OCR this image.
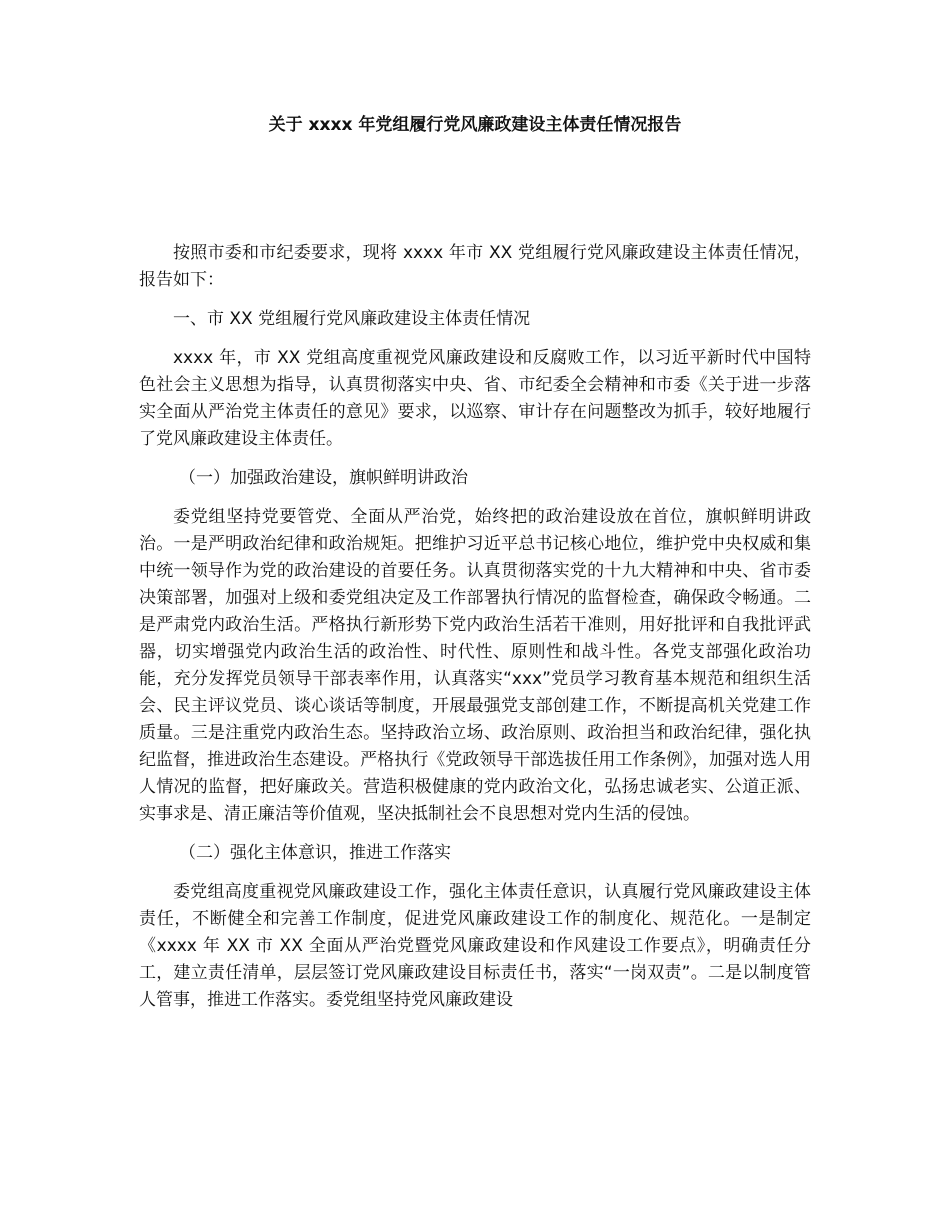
关于 xxxx 年党组履行党风廉政建设主体责任情况报告

按照市委和市纪委要求，现将 xxxx 年市 XX 党组履行党风廉政建设主体责任情况，报告如下：

一、市 XX 党组履行党风廉政建设主体责任情况

xxxx 年，市 XX 党组高度重视党风廉政建设和反腐败工作，以习近平新时代中国特色社会主义思想为指导，认真贯彻落实中央、省、市纪委全会精神和市委《关于进一步落实全面从严治党主体责任的意见》要求，以巡察、审计存在问题整改为抓手，较好地履行了党风廉政建设主体责任。

（一）加强政治建设，旗帜鲜明讲政治

委党组坚持党要管党、全面从严治党，始终把的政治建设放在首位，旗帜鲜明讲政治。一是严明政治纪律和政治规矩。把维护习近平总书记核心地位，维护党中央权威和集中统一领导作为党的政治建设的首要任务。认真贯彻落实党的十九大精神和中央、省市委决策部署，加强对上级和委党组决定及工作部署执行情况的监督检查，确保政令畅通。二是严肃党内政治生活。严格执行新形势下党内政治生活若干准则，用好批评和自我批评武器，切实增强党内政治生活的政治性、时代性、原则性和战斗性。各党支部强化政治功能，充分发挥党员领导干部表率作用，认真落实“xxx”党员学习教育基本规范和组织生活会、民主评议党员、谈心谈话等制度，开展最强党支部创建工作，不断提高机关党建工作质量。三是注重党内政治生态。坚持政治立场、政治原则、政治担当和政治纪律，强化执纪监督，推进政治生态建设。严格执行《党政领导干部选拔任用工作条例》，加强对选人用人情况的监督，把好廉政关。营造积极健康的党内政治文化，弘扬忠诚老实、公道正派、实事求是、清正廉洁等价值观，坚决抵制社会不良思想对党内生活的侵蚀。

（二）强化主体意识，推进工作落实

委党组高度重视党风廉政建设工作，强化主体责任意识，认真履行党风廉政建设主体责任，不断健全和完善工作制度，促进党风廉政建设工作的制度化、规范化。一是制定《xxxx 年 XX 市 XX 全面从严治党暨党风廉政建设和作风建设工作要点》，明确责任分工，建立责任清单，层层签订党风廉政建设目标责任书，落实“一岗双责”。二是以制度管人管事，推进工作落实。委党组坚持党风廉政建设
